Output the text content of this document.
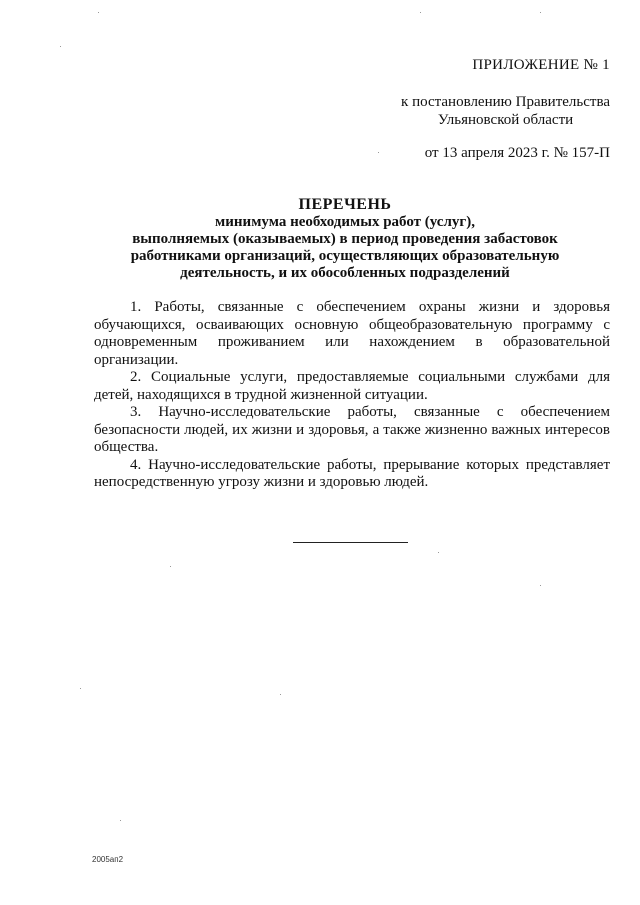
ПРИЛОЖЕНИЕ № 1
к постановлению Правительства
Ульяновской области
от 13 апреля 2023 г. № 157-П
ПЕРЕЧЕНЬ
минимума необходимых работ (услуг),
выполняемых (оказываемых) в период проведения забастовок
работниками организаций, осуществляющих образовательную
деятельность, и их обособленных подразделений

1. Работы, связанные с обеспечением охраны жизни и здоровья обучающихся, осваивающих основную общеобразовательную программу с одновременным проживанием или нахождением в образовательной организации.

2. Социальные услуги, предоставляемые социальными службами для детей, находящихся в трудной жизненной ситуации.

3. Научно-исследовательские работы, связанные с обеспечением безопасности людей, их жизни и здоровья, а также жизненно важных интересов общества.

4. Научно-исследовательские работы, прерывание которых представляет непосредственную угрозу жизни и здоровью людей.

2005ап2
